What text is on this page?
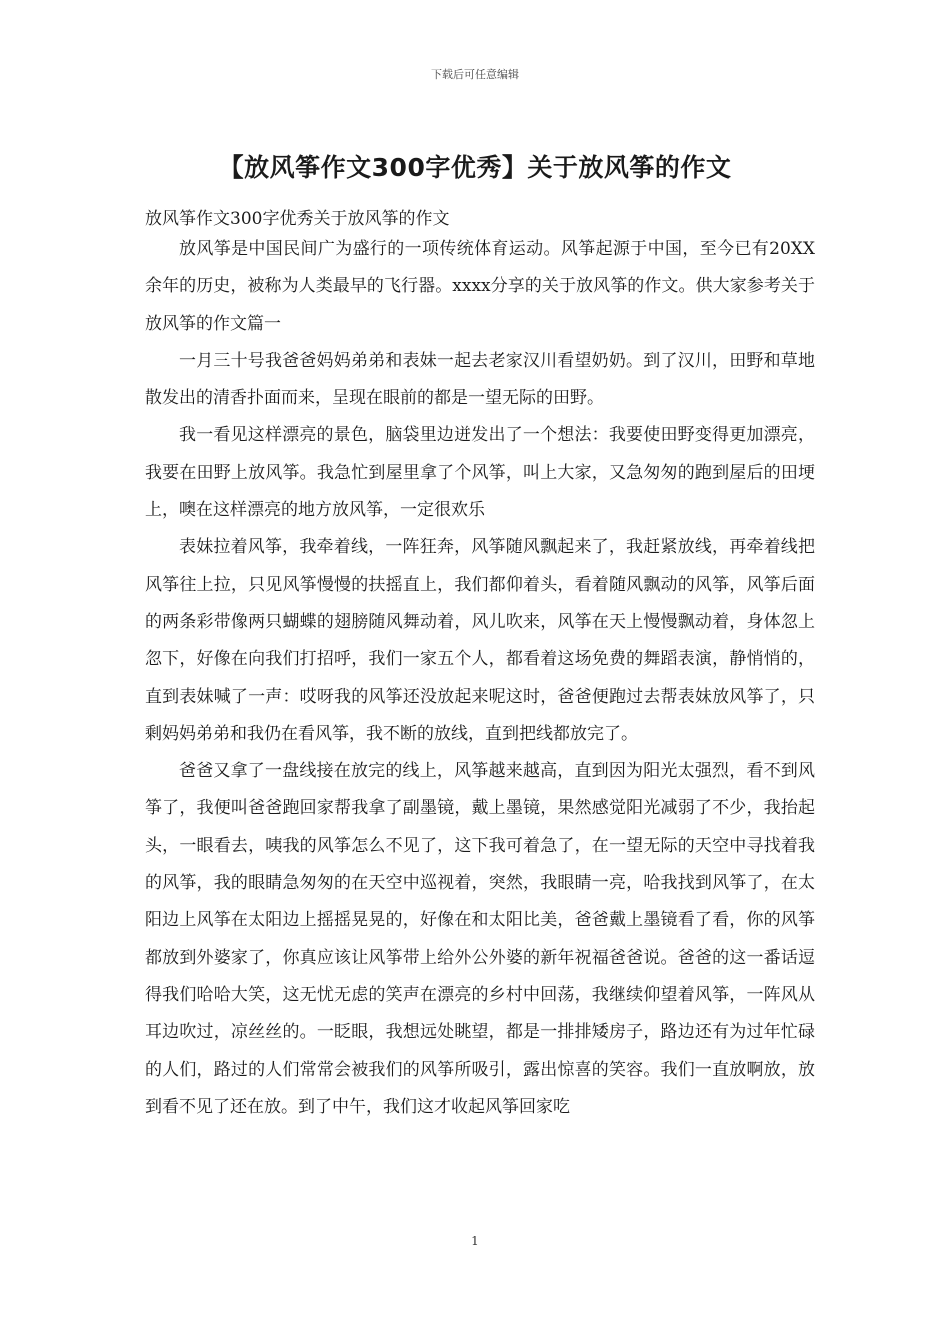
下载后可任意编辑
【放风筝作文300字优秀】关于放风筝的作文
放风筝作文300字优秀关于放风筝的作文

放风筝是中国民间广为盛行的一项传统体育运动。风筝起源于中国，至今已有20XX余年的历史，被称为人类最早的飞行器。xxxx分享的关于放风筝的作文。供大家参考关于放风筝的作文篇一

一月三十号我爸爸妈妈弟弟和表妹一起去老家汉川看望奶奶。到了汉川，田野和草地散发出的清香扑面而来，呈现在眼前的都是一望无际的田野。

我一看见这样漂亮的景色，脑袋里边迸发出了一个想法：我要使田野变得更加漂亮，我要在田野上放风筝。我急忙到屋里拿了个风筝，叫上大家，又急匆匆的跑到屋后的田埂上，噢在这样漂亮的地方放风筝，一定很欢乐

表妹拉着风筝，我牵着线，一阵狂奔，风筝随风飘起来了，我赶紧放线，再牵着线把风筝往上拉，只见风筝慢慢的扶摇直上，我们都仰着头，看着随风飘动的风筝，风筝后面的两条彩带像两只蝴蝶的翅膀随风舞动着，风儿吹来，风筝在天上慢慢飘动着，身体忽上忽下，好像在向我们打招呼，我们一家五个人，都看着这场免费的舞蹈表演，静悄悄的，直到表妹喊了一声：哎呀我的风筝还没放起来呢这时，爸爸便跑过去帮表妹放风筝了，只剩妈妈弟弟和我仍在看风筝，我不断的放线，直到把线都放完了。

爸爸又拿了一盘线接在放完的线上，风筝越来越高，直到因为阳光太强烈，看不到风筝了，我便叫爸爸跑回家帮我拿了副墨镜，戴上墨镜，果然感觉阳光减弱了不少，我抬起头，一眼看去，咦我的风筝怎么不见了，这下我可着急了，在一望无际的天空中寻找着我的风筝，我的眼睛急匆匆的在天空中巡视着，突然，我眼睛一亮，哈我找到风筝了，在太阳边上风筝在太阳边上摇摇晃晃的，好像在和太阳比美，爸爸戴上墨镜看了看，你的风筝都放到外婆家了，你真应该让风筝带上给外公外婆的新年祝福爸爸说。爸爸的这一番话逗得我们哈哈大笑，这无忧无虑的笑声在漂亮的乡村中回荡，我继续仰望着风筝，一阵风从耳边吹过，凉丝丝的。一眨眼，我想远处眺望，都是一排排矮房子，路边还有为过年忙碌的人们，路过的人们常常会被我们的风筝所吸引，露出惊喜的笑容。我们一直放啊放，放到看不见了还在放。到了中午，我们这才收起风筝回家吃

1
